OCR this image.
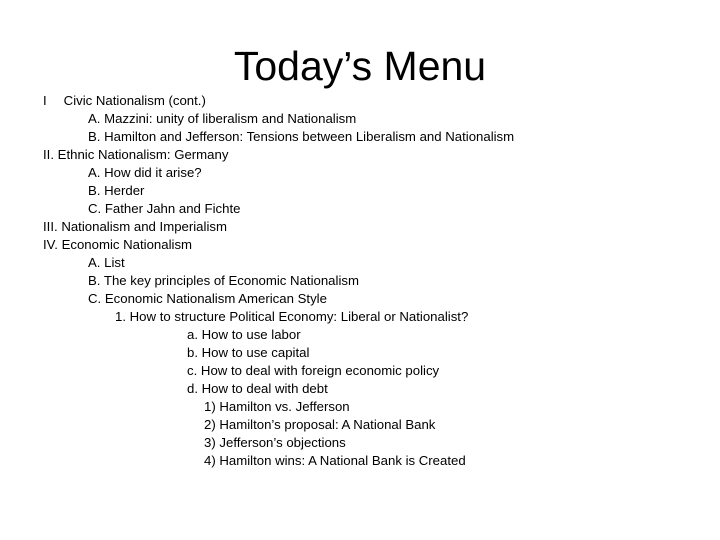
Today’s Menu
I Civic Nationalism (cont.)
A. Mazzini: unity of liberalism and Nationalism
B. Hamilton and Jefferson: Tensions between Liberalism and Nationalism
II. Ethnic Nationalism: Germany
A. How did it arise?
B. Herder
C. Father Jahn and Fichte
III. Nationalism and Imperialism
IV. Economic Nationalism
A. List
B. The key principles of Economic Nationalism
C. Economic Nationalism American Style
1. How to structure Political Economy: Liberal or Nationalist?
a. How to use labor
b. How to use capital
c. How to deal with foreign economic policy
d. How to deal with debt
1) Hamilton vs. Jefferson
2) Hamilton’s proposal: A National Bank
3) Jefferson’s objections
4) Hamilton wins: A National Bank is Created
